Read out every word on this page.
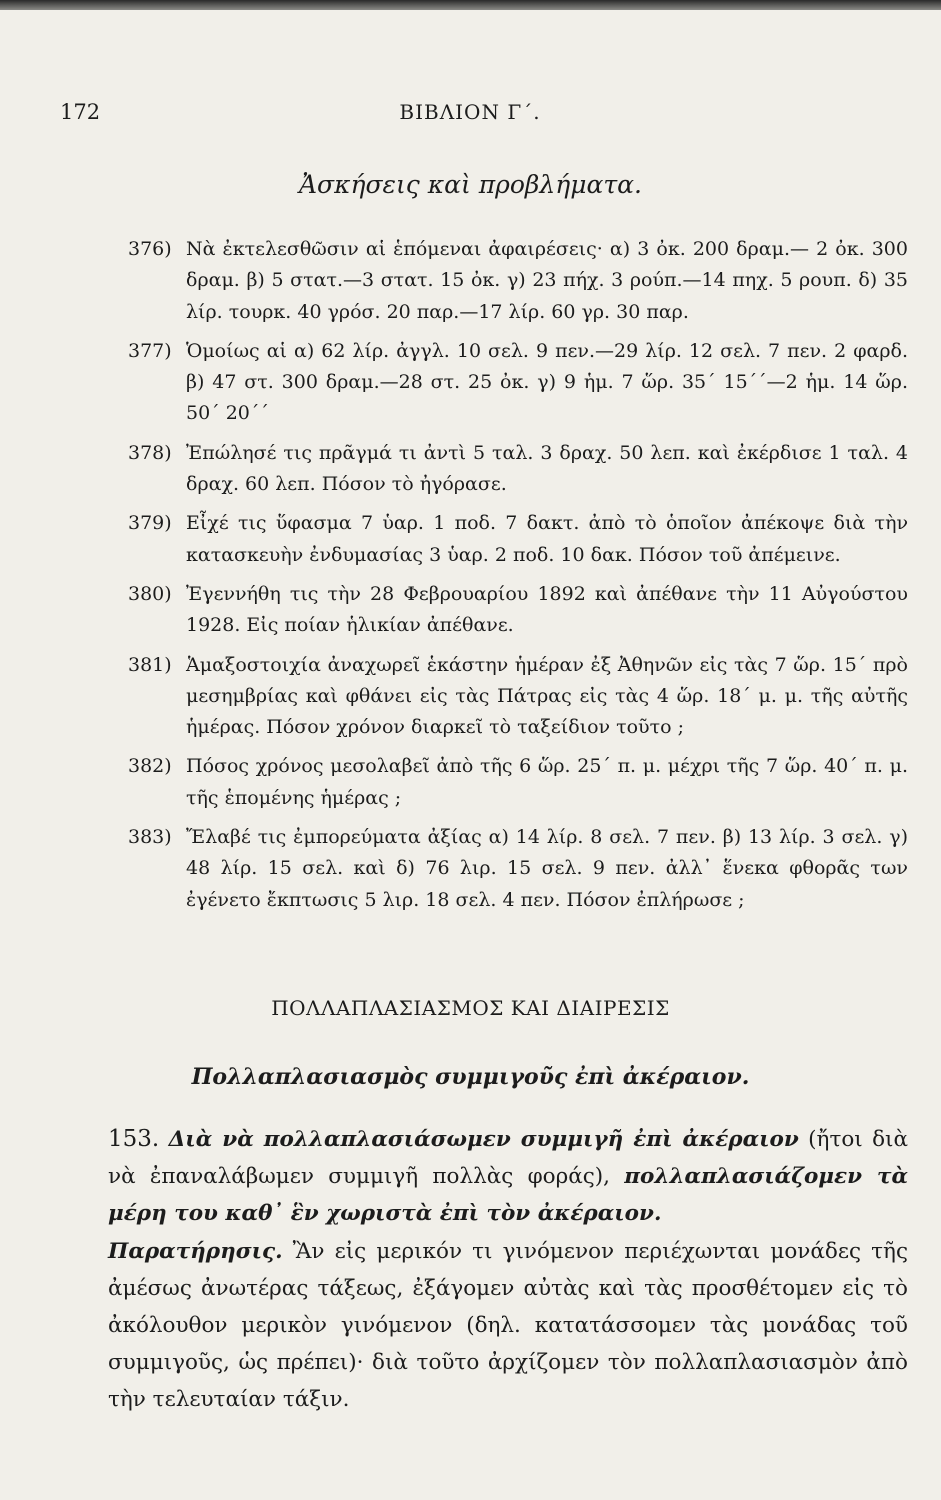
172	ΒΙΒΛΙΟΝ Γ΄.
Ἀσκήσεις καὶ προβλήματα.
376) Νὰ ἐκτελεσθῶσιν αἱ ἑπόμεναι ἀφαιρέσεις· α) 3 ὀκ. 200 δραμ.— 2 ὀκ. 300 δραμ. β) 5 στατ.—3 στατ. 15 ὀκ. γ) 23 πήχ. 3 ρούπ.—14 πηχ. 5 ρουπ. δ) 35 λίρ. τουρκ. 40 γρόσ. 20 παρ.—17 λίρ. 60 γρ. 30 παρ.
377) Ὁμοίως αἱ α) 62 λίρ. ἀγγλ. 10 σελ. 9 πεν.—29 λίρ. 12 σελ. 7 πεν. 2 φαρδ. β) 47 στ. 300 δραμ.—28 στ. 25 ὀκ. γ) 9 ἡμ. 7 ὥρ. 35΄ 15΄΄—2 ἡμ. 14 ὥρ. 50΄ 20΄΄
378) Ἐπώλησέ τις πρᾶγμά τι ἀντὶ 5 ταλ. 3 δραχ. 50 λεπ. καὶ ἐκέρδισε 1 ταλ. 4 δραχ. 60 λεπ. Πόσον τὸ ἠγόρασε.
379) Εἶχέ τις ὕφασμα 7 ὑαρ. 1 ποδ. 7 δακτ. ἀπὸ τὸ ὁποῖον ἀπέκοψε διὰ τὴν κατασκευὴν ἐνδυμασίας 3 ὑαρ. 2 ποδ. 10 δακ. Πόσον τοῦ ἀπέμεινε.
380) Ἐγεννήθη τις τὴν 28 Φεβρουαρίου 1892 καὶ ἀπέθανε τὴν 11 Αὐγούστου 1928. Εἰς ποίαν ἡλικίαν ἀπέθανε.
381) Ἁμαξοστοιχία ἀναχωρεῖ ἑκάστην ἡμέραν ἐξ Ἀθηνῶν εἰς τὰς 7 ὥρ. 15΄ πρὸ μεσημβρίας καὶ φθάνει εἰς τὰς Πάτρας εἰς τὰς 4 ὥρ. 18΄ μ. μ. τῆς αὐτῆς ἡμέρας. Πόσον χρόνον διαρκεῖ τὸ ταξείδιον τοῦτο ;
382) Πόσος χρόνος μεσολαβεῖ ἀπὸ τῆς 6 ὥρ. 25΄ π. μ. μέχρι τῆς 7 ὥρ. 40΄ π. μ. τῆς ἑπομένης ἡμέρας ;
383) Ἔλαβέ τις ἐμπορεύματα ἀξίας α) 14 λίρ. 8 σελ. 7 πεν. β) 13 λίρ. 3 σελ. γ) 48 λίρ. 15 σελ. καὶ δ) 76 λιρ. 15 σελ. 9 πεν. ἀλλ᾽ ἕνεκα φθορᾶς των ἐγένετο ἔκπτωσις 5 λιρ. 18 σελ. 4 πεν. Πόσον ἐπλήρωσε ;
ΠΟΛΛΑΠΛΑΣΙΑΣΜΟΣ ΚΑΙ ΔΙΑΙΡΕΣΙΣ
Πολλαπλασιασμὸς συμμιγοῦς ἐπὶ ἀκέραιον.
153. Διὰ νὰ πολλαπλασιάσωμεν συμμιγῆ ἐπὶ ἀκέραιον (ἤτοι διὰ νὰ ἐπαναλάβωμεν συμμιγῆ πολλὰς φοράς), πολλαπλασιάζομεν τὰ μέρη του καθ᾽ ἓν χωριστὰ ἐπὶ τὸν ἀκέραιον.
Παρατήρησις. Ἂν εἰς μερικόν τι γινόμενον περιέχωνται μονάδες τῆς ἀμέσως ἀνωτέρας τάξεως, ἐξάγομεν αὐτὰς καὶ τὰς προσθέτομεν εἰς τὸ ἀκόλουθον μερικὸν γινόμενον (δηλ. κατατάσσομεν τὰς μονάδας τοῦ συμμιγοῦς, ὡς πρέπει)· διὰ τοῦτο ἀρχίζομεν τὸν πολλαπλασιασμὸν ἀπὸ τὴν τελευταίαν τάξιν.
